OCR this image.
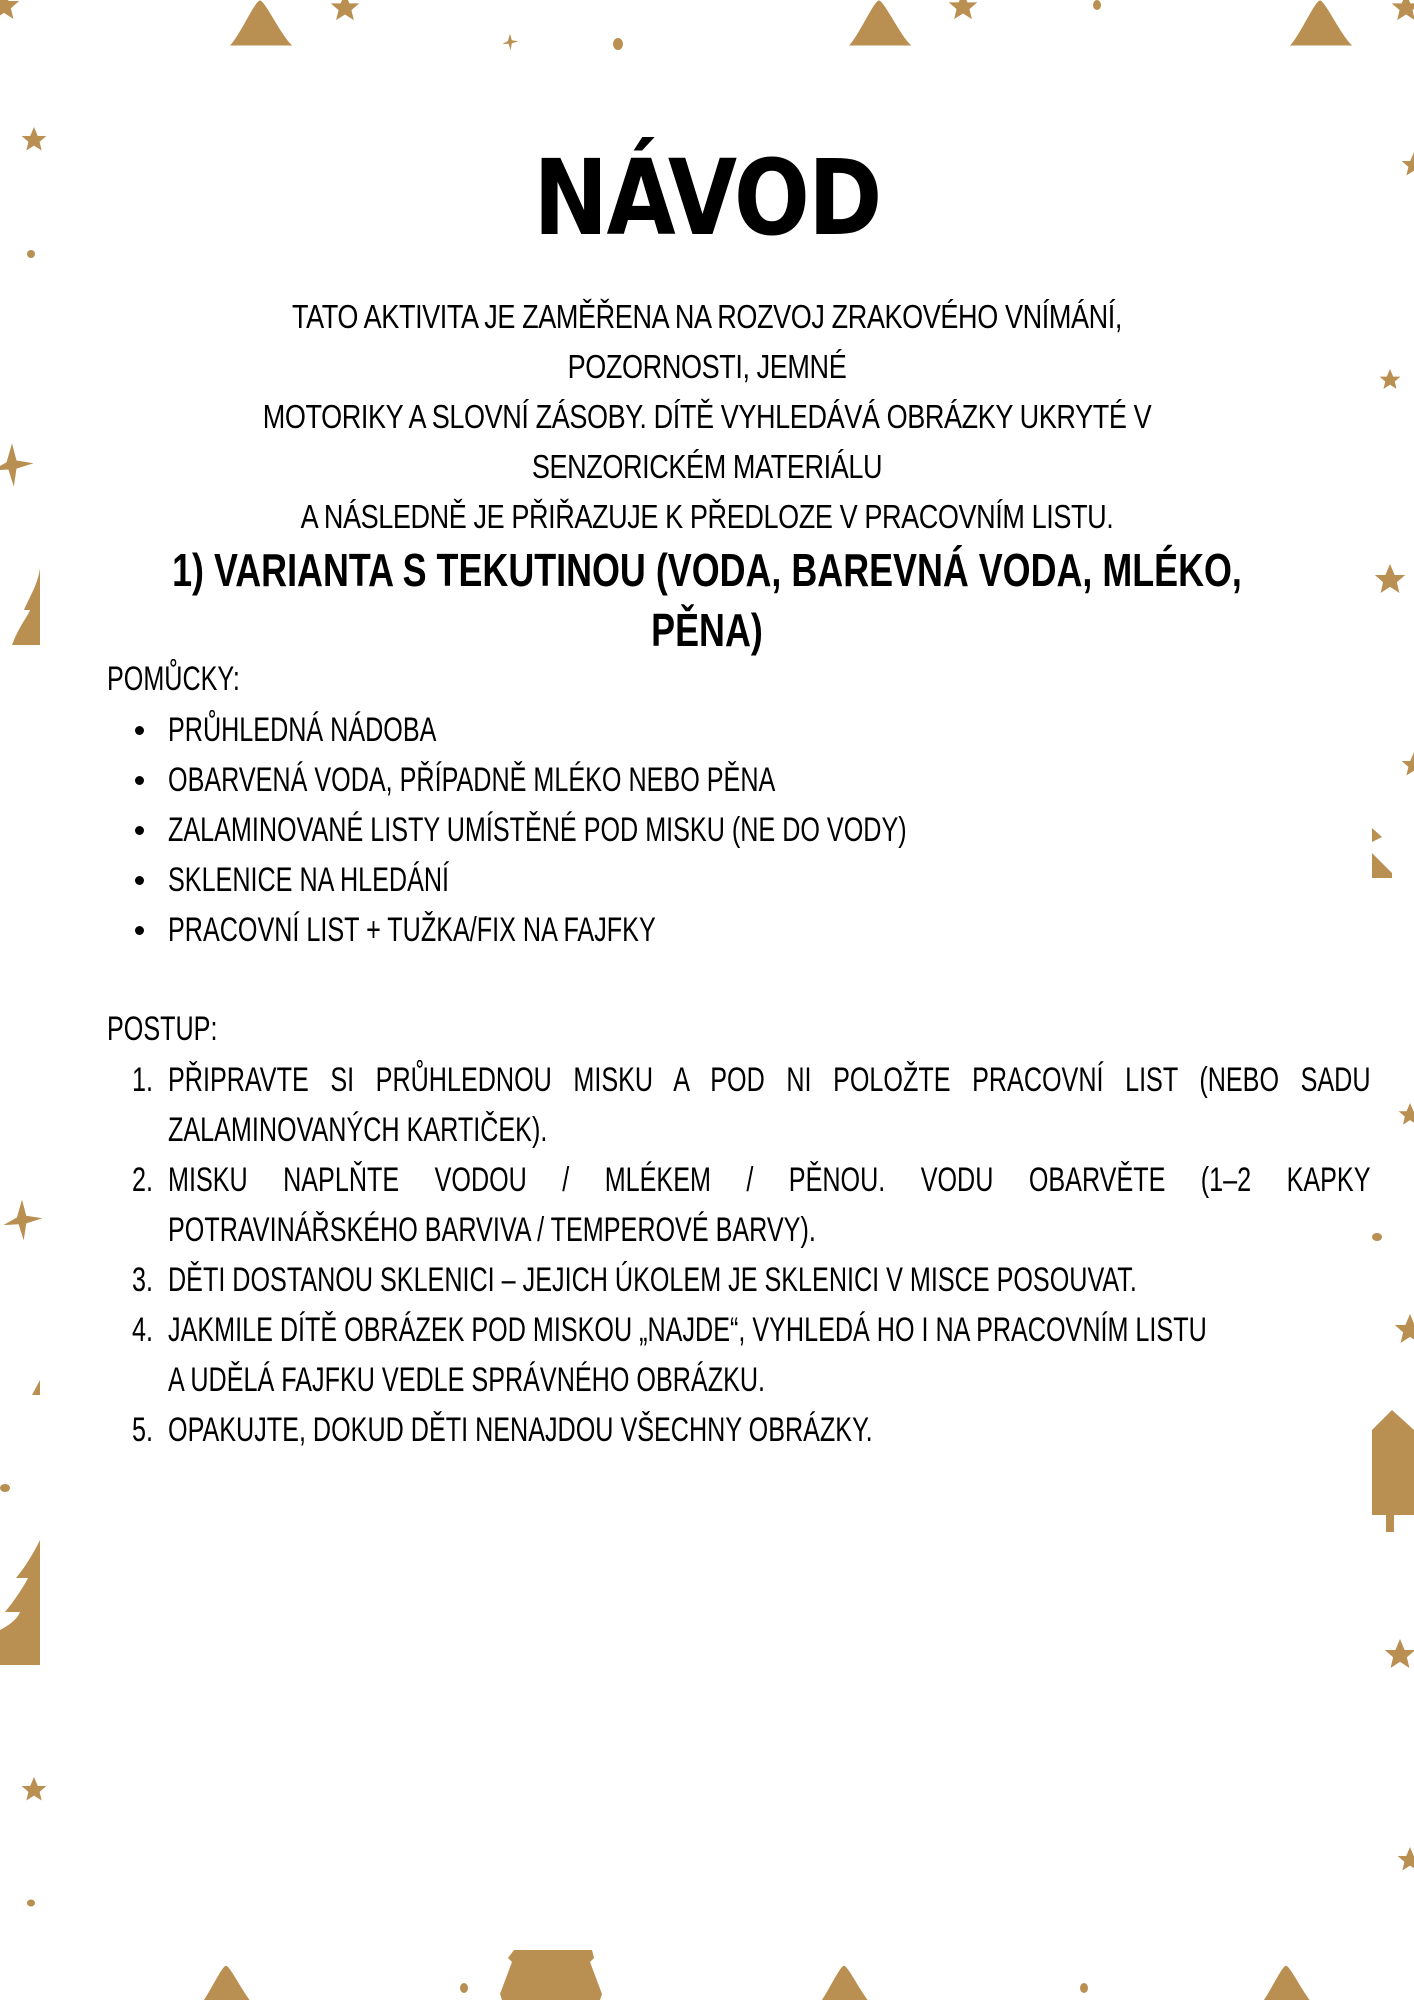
NÁVOD
TATO AKTIVITA JE ZAMĚŘENA NA ROZVOJ ZRAKOVÉHO VNÍMÁNÍ, POZORNOSTI, JEMNÉ
MOTORIKY A SLOVNÍ ZÁSOBY. DÍTĚ VYHLEDÁVÁ OBRÁZKY UKRYTÉ V SENZORICKÉM MATERIÁLU
A NÁSLEDNĚ JE PŘIŘAZUJE K PŘEDLOZE V PRACOVNÍM LISTU.
1) VARIANTA S TEKUTINOU (VODA, BAREVNÁ VODA, MLÉKO, PĚNA)
POMŮCKY:
PRŮHLEDNÁ NÁDOBA
OBARVENÁ VODA, PŘÍPADNĚ MLÉKO NEBO PĚNA
ZALAMINOVANÉ LISTY UMÍSTĚNÉ POD MISKU (NE DO VODY)
SKLENICE NA HLEDÁNÍ
PRACOVNÍ LIST + TUŽKA/FIX NA FAJFKY
POSTUP:
1. PŘIPRAVTE SI PRŮHLEDNOU MISKU A POD NI POLOŽTE PRACOVNÍ LIST (NEBO SADU
ZALAMINOVANÝCH KARTIČEK).
2. MISKU NAPLŇTE VODOU / MLÉKEM / PĚNOU. VODU OBARVĚTE (1–2 KAPKY
POTRAVINÁŘSKÉHO BARVIVA / TEMPEROVÉ BARVY).
3. DĚTI DOSTANOU SKLENICI – JEJICH ÚKOLEM JE SKLENICI V MISCE POSOUVAT.
4. JAKMILE DÍTĚ OBRÁZEK POD MISKOU „NAJDE“, VYHLEDÁ HO I NA PRACOVNÍM LISTU
A UDĚLÁ FAJFKU VEDLE SPRÁVNÉHO OBRÁZKU.
5. OPAKUJTE, DOKUD DĚTI NENAJDOU VŠECHNY OBRÁZKY.
